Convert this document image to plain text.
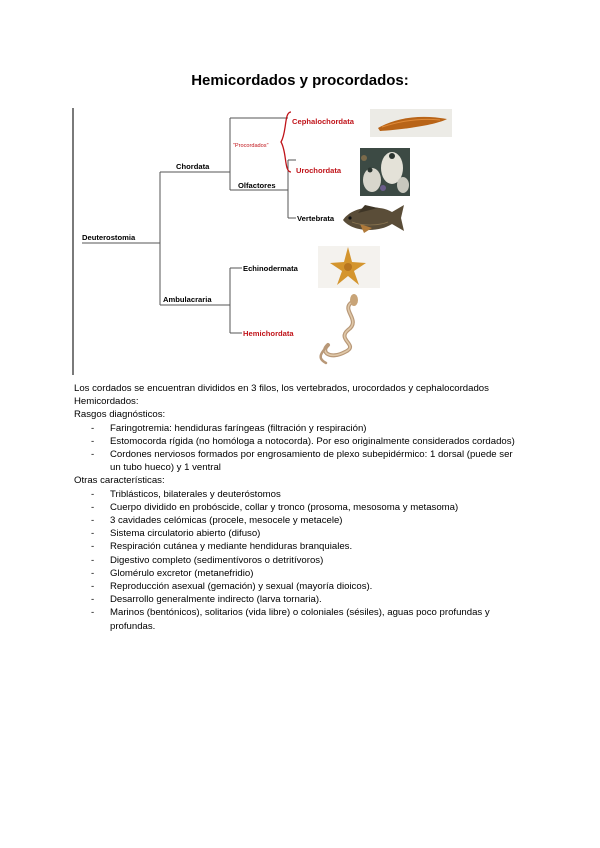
Hemicordados y procordados:
Deuterostomia
Chordata
Ambulacraria
Olfactores
“Procordados”
Cephalochordata
Urochordata
Vertebrata
Echinodermata
Hemichordata

Los cordados se encuentran divididos en 3 filos, los vertebrados, urocordados y cephalocordados

Hemicordados:

Rasgos diagnósticos:

- Faringotremia: hendiduras faríngeas (filtración y respiración)
- Estomocorda rígida (no homóloga a notocorda). Por eso originalmente considerados cordados)
- Cordones nerviosos formados por engrosamiento de plexo subepidérmico: 1 dorsal (puede ser un tubo hueco) y 1 ventral

Otras características:

- Triblásticos, bilaterales y deuteróstomos
- Cuerpo dividido en probóscide, collar y tronco (prosoma, mesosoma y metasoma)
- 3 cavidades celómicas (procele, mesocele y metacele)
- Sistema circulatorio abierto (difuso)
- Respiración cutánea y mediante hendiduras branquiales.
- Digestivo completo (sedimentívoros o detritívoros)
- Glomérulo excretor (metanefridio)
- Reproducción asexual (gemación) y sexual (mayoría dioicos).
- Desarrollo generalmente indirecto (larva tornaria).
- Marinos (bentónicos), solitarios (vida libre) o coloniales (sésiles), aguas poco profundas y profundas.
